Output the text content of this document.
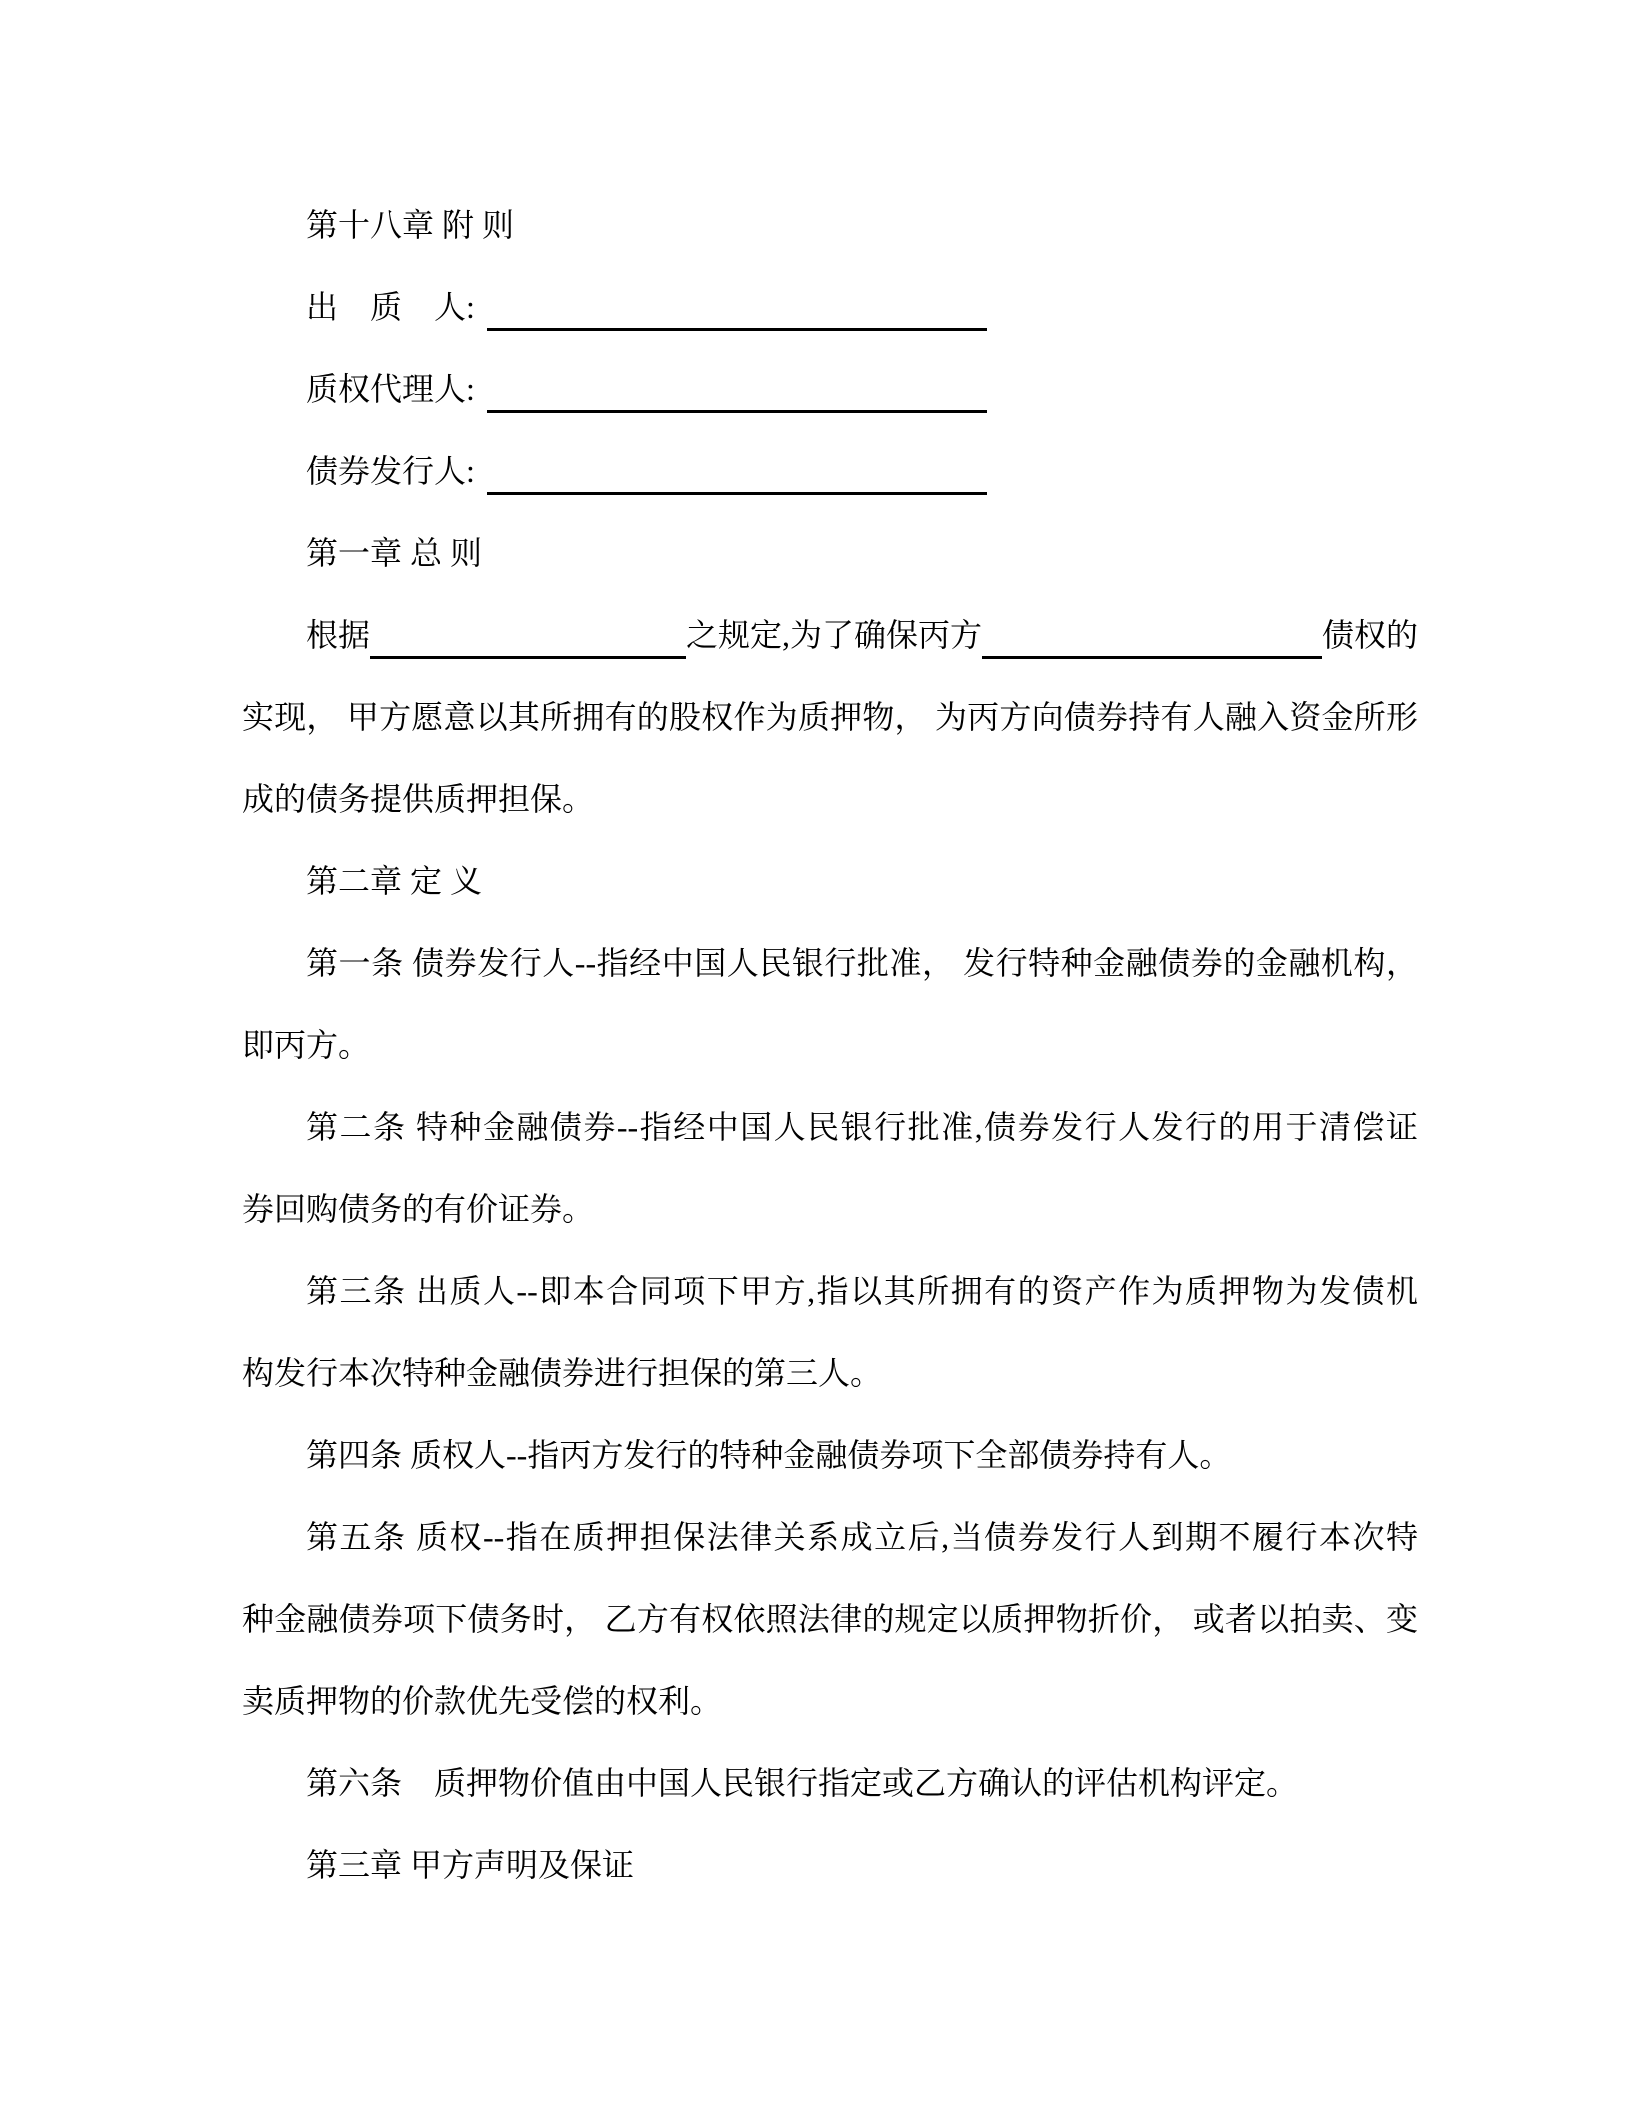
第十八章 附 则
出　质　人:
质权代理人:
债券发行人:
第一章 总 则
根据	之规定,为了确保丙方	债权的
实现， 甲方愿意以其所拥有的股权作为质押物， 为丙方向债券持有人融入资金所形
成的债务提供质押担保。
第二章 定 义
第一条 债券发行人--指经中国人民银行批准， 发行特种金融债券的金融机构，
即丙方。
第二条 特种金融债券--指经中国人民银行批准,债券发行人发行的用于清偿证
券回购债务的有价证券。
第三条 出质人--即本合同项下甲方,指以其所拥有的资产作为质押物为发债机
构发行本次特种金融债券进行担保的第三人。
第四条 质权人--指丙方发行的特种金融债券项下全部债券持有人。
第五条 质权--指在质押担保法律关系成立后,当债券发行人到期不履行本次特
种金融债券项下债务时， 乙方有权依照法律的规定以质押物折价， 或者以拍卖、变
卖质押物的价款优先受偿的权利。
第六条　质押物价值由中国人民银行指定或乙方确认的评估机构评定。
第三章 甲方声明及保证
